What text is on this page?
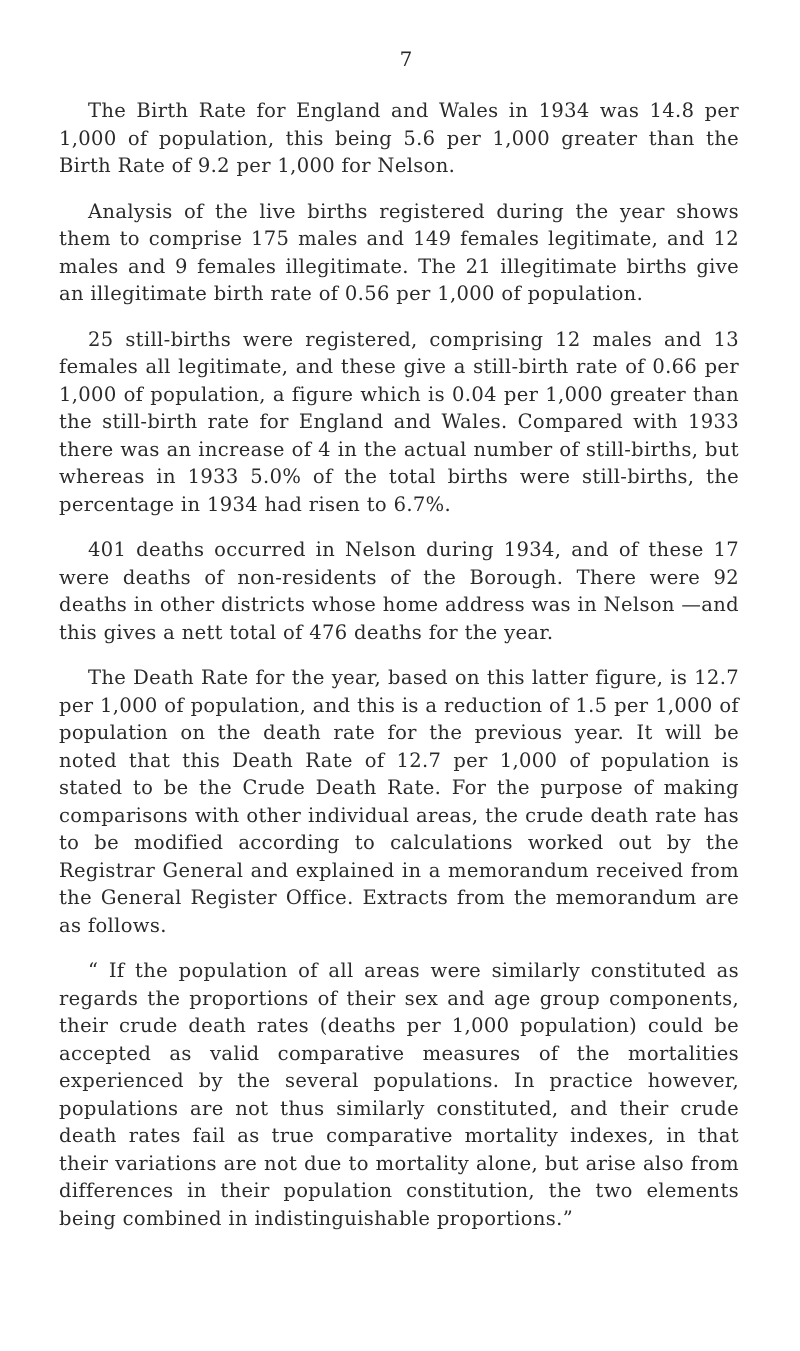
7

The Birth Rate for England and Wales in 1934 was 14.8 per 1,000 of population, this being 5.6 per 1,000 greater than the Birth Rate of 9.2 per 1,000 for Nelson.

Analysis of the live births registered during the year shows them to comprise 175 males and 149 females legitimate, and 12 males and 9 females illegitimate. The 21 illegitimate births give an illegitimate birth rate of 0.56 per 1,000 of population.

25 still-births were registered, comprising 12 males and 13 females all legitimate, and these give a still-birth rate of 0.66 per 1,000 of population, a figure which is 0.04 per 1,000 greater than the still-birth rate for England and Wales. Compared with 1933 there was an increase of 4 in the actual number of still-births, but whereas in 1933 5.0% of the total births were still-births, the percentage in 1934 had risen to 6.7%.

401 deaths occurred in Nelson during 1934, and of these 17 were deaths of non-residents of the Borough. There were 92 deaths in other districts whose home address was in Nelson —and this gives a nett total of 476 deaths for the year.

The Death Rate for the year, based on this latter figure, is 12.7 per 1,000 of population, and this is a reduction of 1.5 per 1,000 of population on the death rate for the previous year. It will be noted that this Death Rate of 12.7 per 1,000 of population is stated to be the Crude Death Rate. For the purpose of making comparisons with other individual areas, the crude death rate has to be modified according to calculations worked out by the Registrar General and explained in a memorandum received from the General Register Office. Extracts from the memorandum are as follows.

“ If the population of all areas were similarly constituted as regards the proportions of their sex and age group components, their crude death rates (deaths per 1,000 population) could be accepted as valid comparative measures of the mortalities experienced by the several populations. In practice however, populations are not thus similarly constituted, and their crude death rates fail as true comparative mortality indexes, in that their variations are not due to mortality alone, but arise also from differences in their population constitution, the two elements being combined in indistinguishable proportions.”
